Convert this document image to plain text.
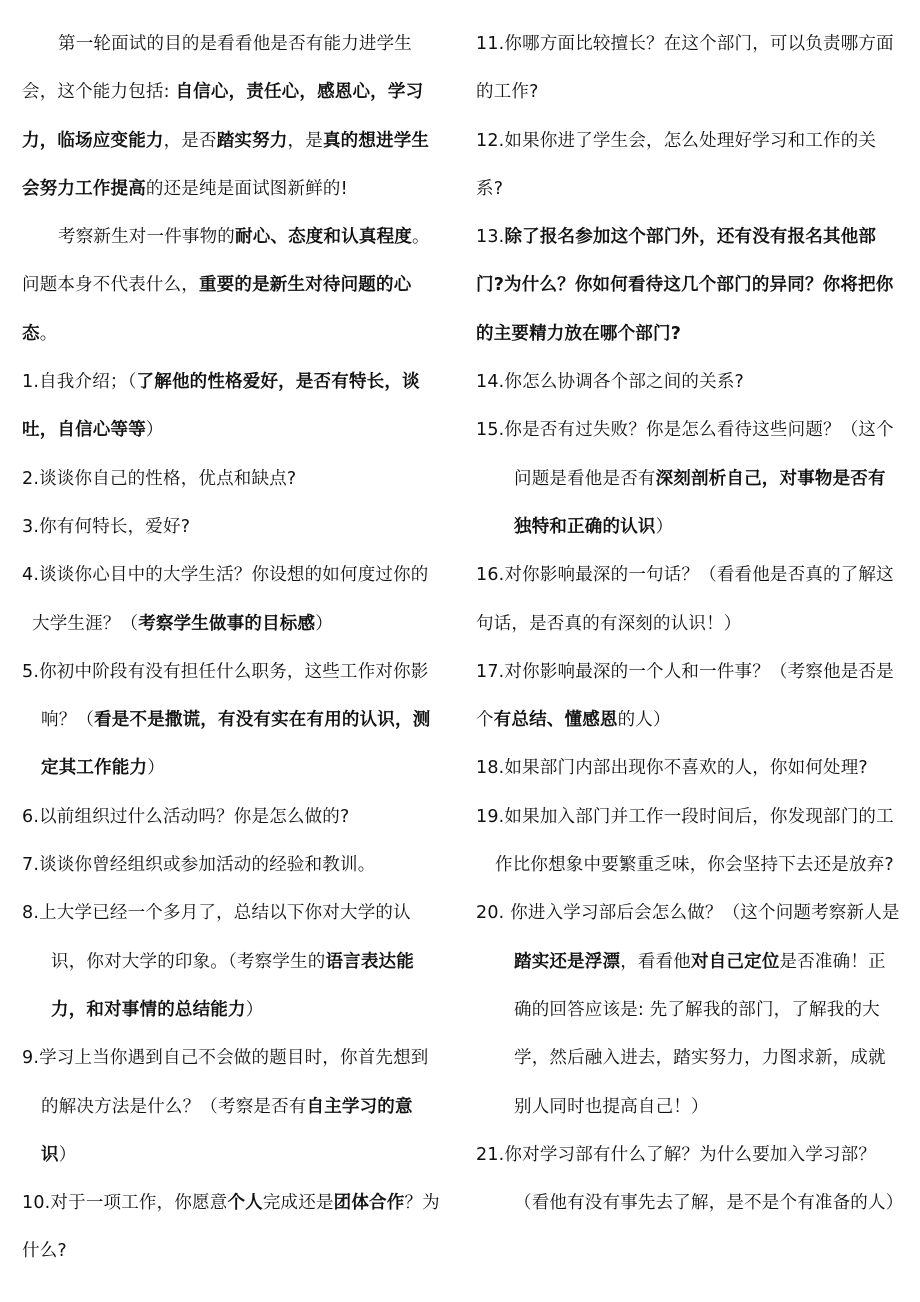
第一轮面试的目的是看看他是否有能力进学生会，这个能力包括: 自信心，责任心，感恩心，学习力，临场应变能力，是否踏实努力，是真的想进学生会努力工作提高的还是纯是面试图新鲜的!

考察新生对一件事物的耐心、态度和认真程度。问题本身不代表什么，重要的是新生对待问题的心态。

1.自我介绍；（了解他的性格爱好，是否有特长，谈吐，自信心等等）

2.谈谈你自己的性格，优点和缺点?

3.你有何特长，爱好?

4.谈谈你心目中的大学生活？你设想的如何度过你的大学生涯？（考察学生做事的目标感）

5.你初中阶段有没有担任什么职务，这些工作对你影响？（看是不是撒谎，有没有实在有用的认识，测定其工作能力）

6.以前组织过什么活动吗？你是怎么做的?

7.谈谈你曾经组织或参加活动的经验和教训。

8.上大学已经一个多月了，总结以下你对大学的认识，你对大学的印象。（考察学生的语言表达能力，和对事情的总结能力）

9.学习上当你遇到自己不会做的题目时，你首先想到的解决方法是什么？（考察是否有自主学习的意识）

10.对于一项工作，你愿意个人完成还是团体合作？为什么?

11.你哪方面比较擅长？在这个部门，可以负责哪方面的工作?

12.如果你进了学生会，怎么处理好学习和工作的关系?

13.除了报名参加这个部门外，还有没有报名其他部门?为什么？你如何看待这几个部门的异同？你将把你的主要精力放在哪个部门?

14.你怎么协调各个部之间的关系?

15.你是否有过失败？你是怎么看待这些问题？（这个问题是看他是否有深刻剖析自己，对事物是否有独特和正确的认识）

16.对你影响最深的一句话？（看看他是否真的了解这句话，是否真的有深刻的认识！）

17.对你影响最深的一个人和一件事？（考察他是否是个有总结、懂感恩的人）

18.如果部门内部出现你不喜欢的人，你如何处理?

19.如果加入部门并工作一段时间后，你发现部门的工作比你想象中要繁重乏味，你会坚持下去还是放弃?

20. 你进入学习部后会怎么做？（这个问题考察新人是踏实还是浮漂，看看他对自己定位是否准确！正确的回答应该是: 先了解我的部门，了解我的大学，然后融入进去，踏实努力，力图求新，成就别人同时也提高自己！）

21.你对学习部有什么了解？为什么要加入学习部？（看他有没有事先去了解，是不是个有准备的人）
